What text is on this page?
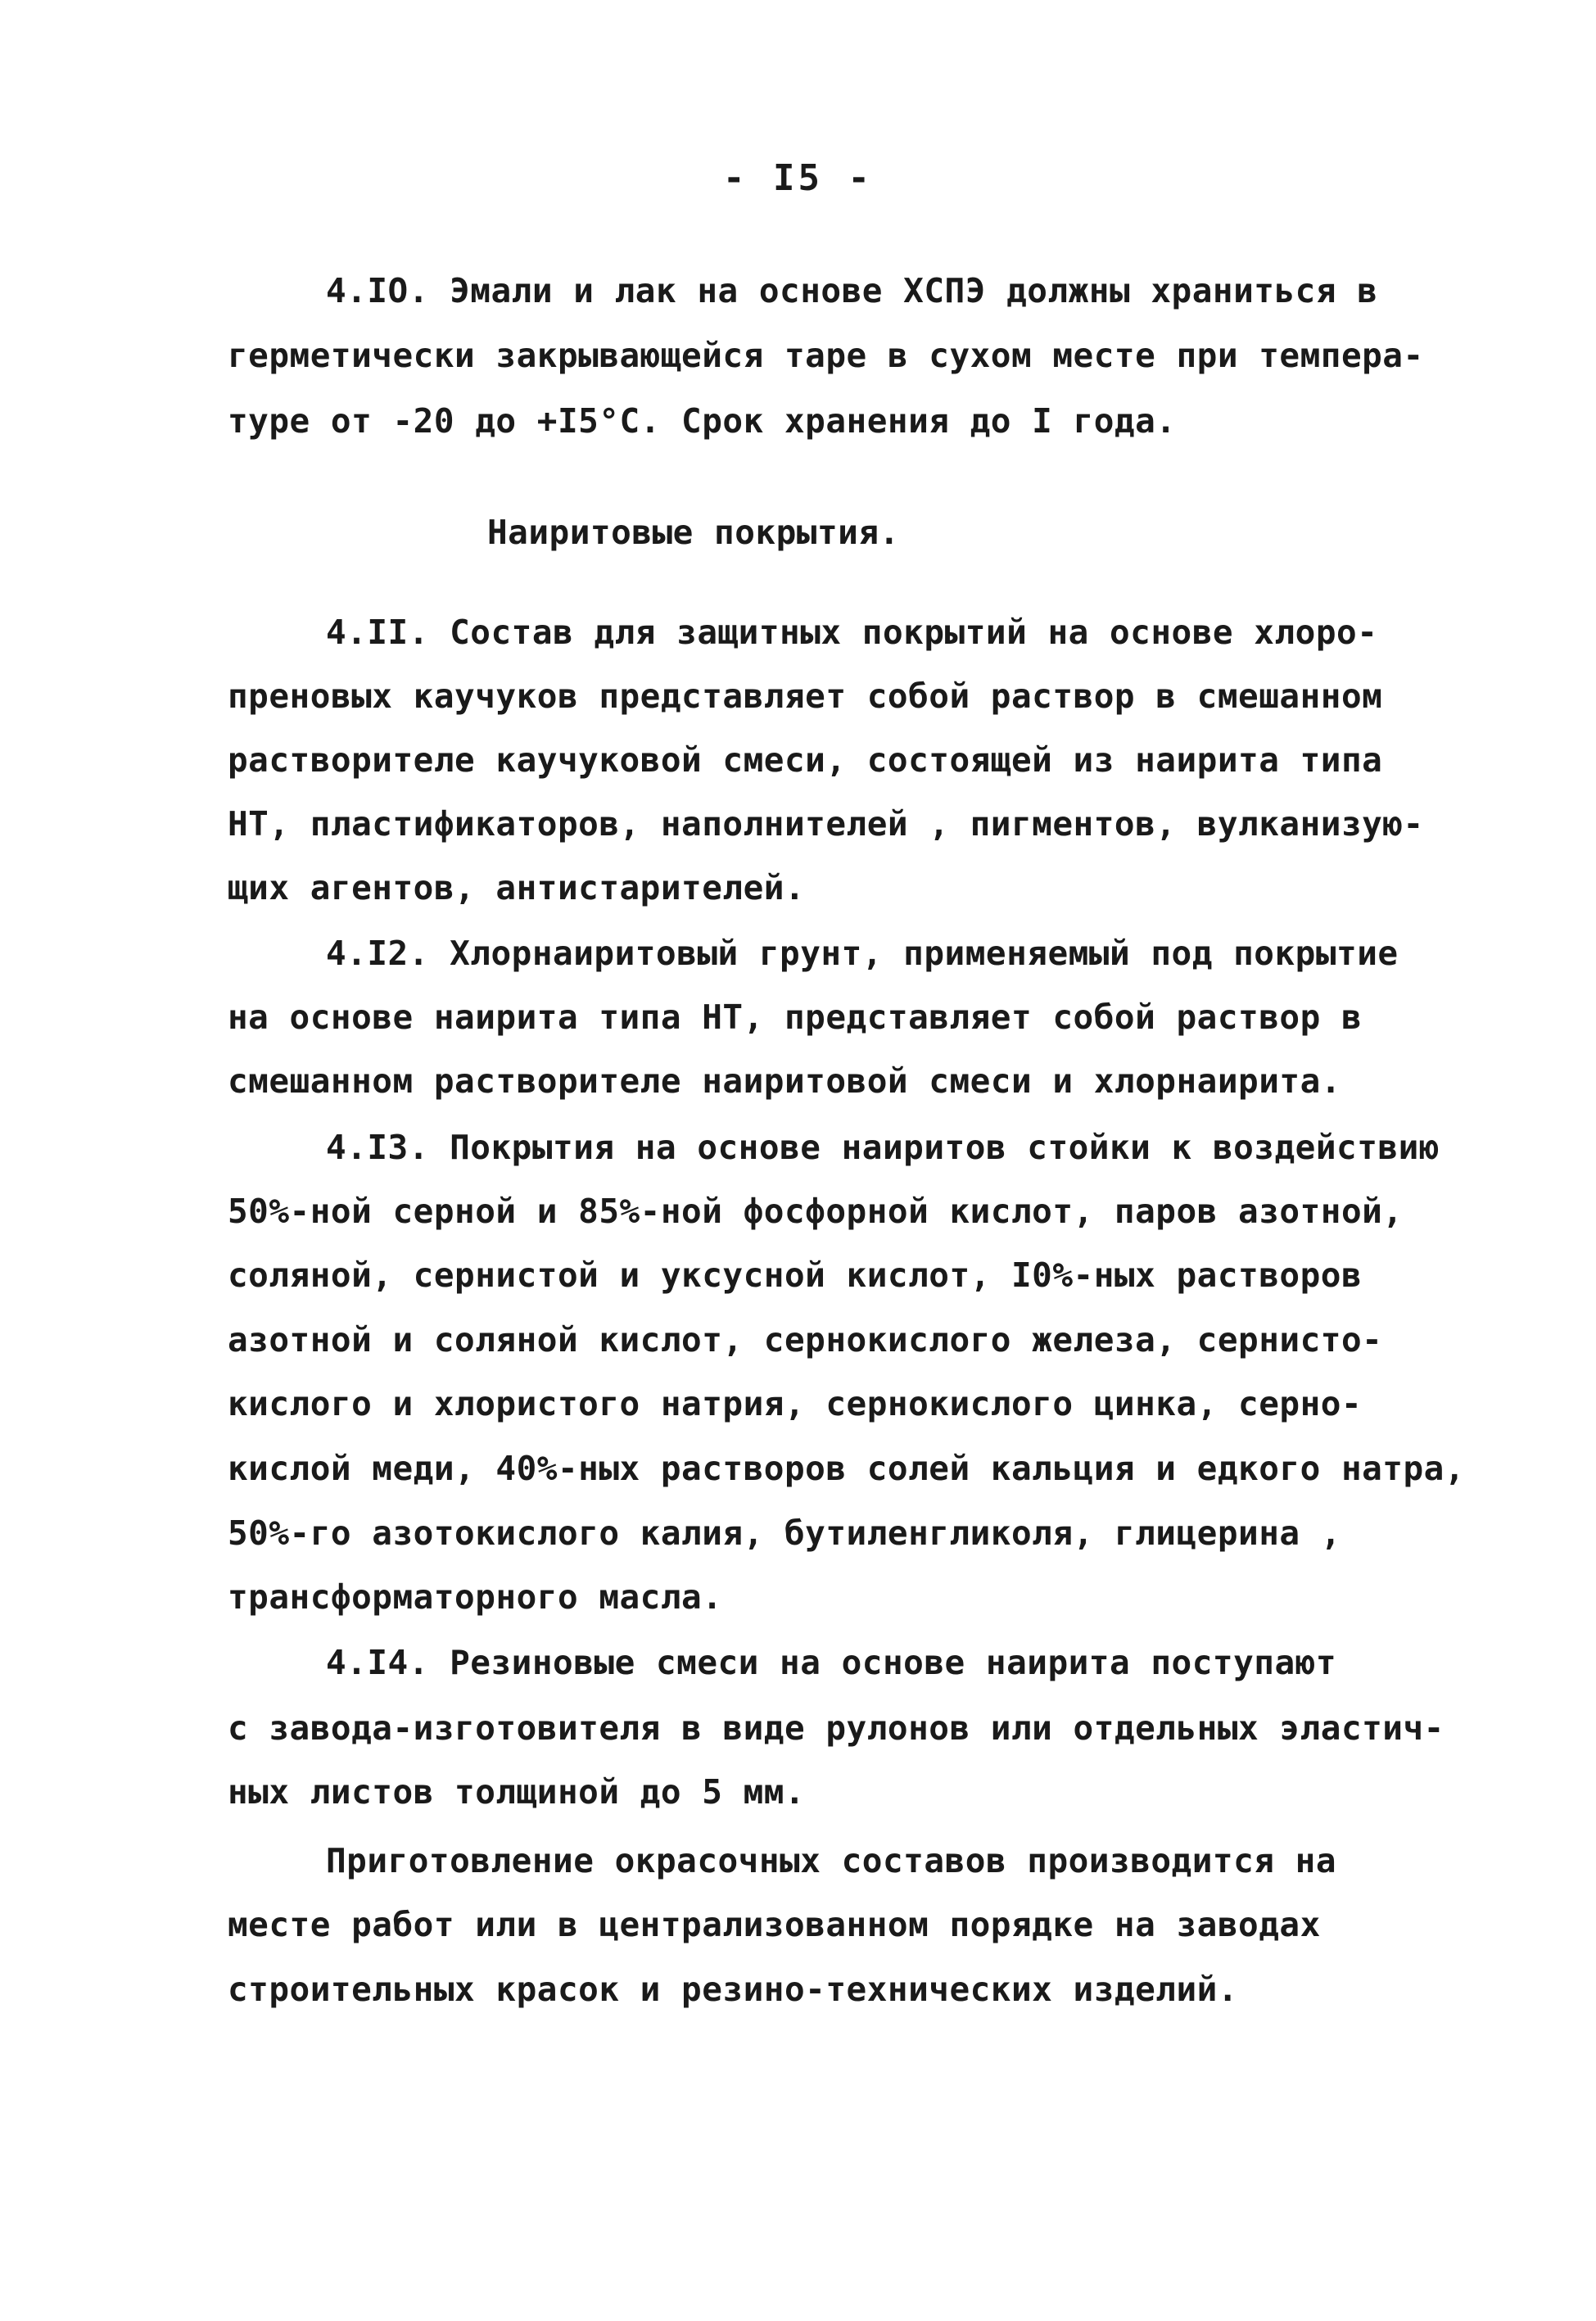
- I5 -
4.IO. Эмали и лак на основе ХСПЭ должны храниться в
герметически закрывающейся таре в сухом месте при темпера-
туре от -20 до +I5°С. Срок хранения до I года.
Наиритовые покрытия.
4.II. Состав для защитных покрытий на основе хлоро-
преновых каучуков представляет собой раствор в смешанном
растворителе каучуковой смеси, состоящей из наирита типа
НТ, пластификаторов, наполнителей , пигментов, вулканизую-
щих агентов, антистарителей.
4.I2. Хлорнаиритовый грунт, применяемый под покрытие
на основе наирита типа НТ, представляет собой раствор в
смешанном растворителе наиритовой смеси и хлорнаирита.
4.I3. Покрытия на основе наиритов стойки к воздействию
50%-ной серной и 85%-ной фосфорной кислот, паров азотной,
соляной, сернистой и уксусной кислот, I0%-ных растворов
азотной и соляной кислот, сернокислого железа, сернисто-
кислого и хлористого натрия, сернокислого цинка, серно-
кислой меди, 40%-ных растворов солей кальция и едкого натра,
50%-го азотокислого калия, бутиленгликоля, глицерина ,
трансформаторного масла.
4.I4. Резиновые смеси на основе наирита поступают
с завода-изготовителя в виде рулонов или отдельных эластич-
ных листов толщиной до 5 мм.
Приготовление окрасочных составов производится на
месте работ или в централизованном порядке на заводах
строительных красок и резино-технических изделий.
